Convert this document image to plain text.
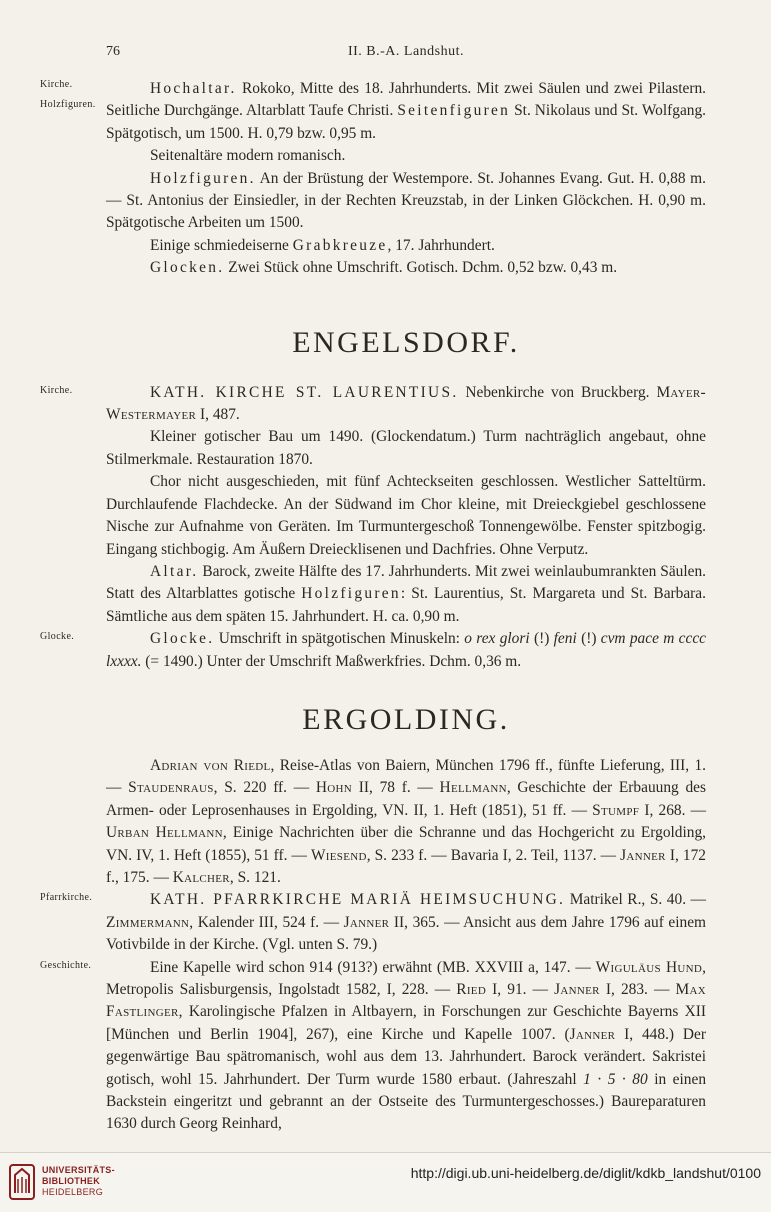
76	II. B.-A. Landshut.

Kirche.
Holzfiguren.
Hochaltar. Rokoko, Mitte des 18. Jahrhunderts. Mit zwei Säulen und zwei Pilastern. Seitliche Durchgänge. Altarblatt Taufe Christi. Seitenfiguren St. Nikolaus und St. Wolfgang. Spätgotisch, um 1500. H. 0,79 bzw. 0,95 m.

Seitenaltäre modern romanisch.

Holzfiguren. An der Brüstung der Westempore. St. Johannes Evang. Gut. H. 0,88 m. — St. Antonius der Einsiedler, in der Rechten Kreuzstab, in der Linken Glöckchen. H. 0,90 m. Spätgotische Arbeiten um 1500.

Einige schmiedeiserne Grabkreuze, 17. Jahrhundert.

Glocken. Zwei Stück ohne Umschrift. Gotisch. Dchm. 0,52 bzw. 0,43 m.

ENGELSDORF.

Kirche.	KATH. KIRCHE ST. LAURENTIUS. Nebenkirche von Bruckberg. Mayer-Westermayer I, 487.

Kleiner gotischer Bau um 1490. (Glockendatum.) Turm nachträglich angebaut, ohne Stilmerkmale. Restauration 1870.

Chor nicht ausgeschieden, mit fünf Achteckseiten geschlossen. Westlicher Satteltürm. Durchlaufende Flachdecke. An der Südwand im Chor kleine, mit Dreieckgiebel geschlossene Nische zur Aufnahme von Geräten. Im Turmuntergeschoß Tonnengewölbe. Fenster spitzbogig. Eingang stichbogig. Am Äußern Dreiecklisenen und Dachfries. Ohne Verputz.

Altar. Barock, zweite Hälfte des 17. Jahrhunderts. Mit zwei weinlaubumrankten Säulen. Statt des Altarblattes gotische Holzfiguren: St. Laurentius, St. Margareta und St. Barbara. Sämtliche aus dem späten 15. Jahrhundert. H. ca. 0,90 m.

Glocke.	Glocke. Umschrift in spätgotischen Minuskeln: o rex glori (!) feni (!) cvm pace m cccc lxxxx. (= 1490.) Unter der Umschrift Maßwerkfries. Dchm. 0,36 m.

ERGOLDING.

Adrian von Riedl, Reise-Atlas von Baiern, München 1796 ff., fünfte Lieferung, III, 1. — Staudenraus, S. 220 ff. — Hohn II, 78 f. — Hellmann, Geschichte der Erbauung des Armen- oder Leprosenhauses in Ergolding, VN. II, 1. Heft (1851), 51 ff. — Stumpf I, 268. — Urban Hellmann, Einige Nachrichten über die Schranne und das Hochgericht zu Ergolding, VN. IV, 1. Heft (1855), 51 ff. — Wiesend, S. 233 f. — Bavaria I, 2. Teil, 1137. — Janner I, 172 f., 175. — Kalcher, S. 121.

Pfarrkirche.	KATH. PFARRKIRCHE MARIÄ HEIMSUCHUNG. Matrikel R., S. 40. — Zimmermann, Kalender III, 524 f. — Janner II, 365. — Ansicht aus dem Jahre 1796 auf einem Votivbilde in der Kirche. (Vgl. unten S. 79.)

Geschichte.	Eine Kapelle wird schon 914 (913?) erwähnt (MB. XXVIII a, 147. — Wiguläus Hund, Metropolis Salisburgensis, Ingolstadt 1582, I, 228. — Ried I, 91. — Janner I, 283. — Max Fastlinger, Karolingische Pfalzen in Altbayern, in Forschungen zur Geschichte Bayerns XII [München und Berlin 1904], 267), eine Kirche und Kapelle 1007. (Janner I, 448.) Der gegenwärtige Bau spätromanisch, wohl aus dem 13. Jahrhundert. Barock verändert. Sakristei gotisch, wohl 15. Jahrhundert. Der Turm wurde 1580 erbaut. (Jahreszahl 1 · 5 · 80 in einen Backstein eingeritzt und gebrannt an der Ostseite des Turmuntergeschosses.) Baureparaturen 1630 durch Georg Reinhard,

UNIVERSITÄTS-
BIBLIOTHEK
HEIDELBERG
http://digi.ub.uni-heidelberg.de/diglit/kdkb_landshut/0100
